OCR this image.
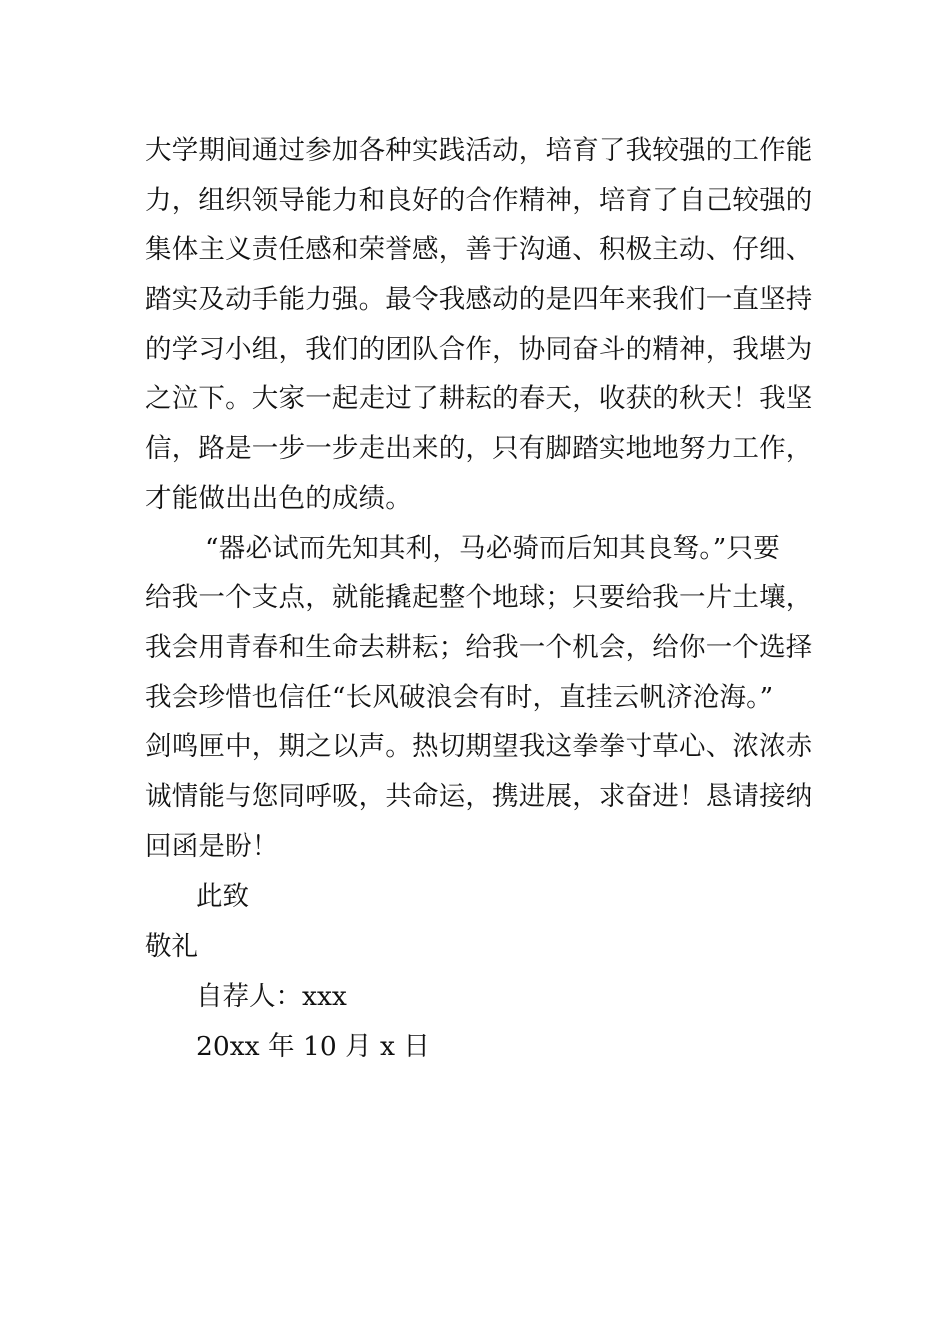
大学期间通过参加各种实践活动，培育了我较强的工作能
力，组织领导能力和良好的合作精神，培育了自己较强的
集体主义责任感和荣誉感，善于沟通、积极主动、仔细、
踏实及动手能力强。最令我感动的是四年来我们一直坚持
的学习小组，我们的团队合作，协同奋斗的精神，我堪为
之泣下。大家一起走过了耕耘的春天，收获的秋天！我坚
信，路是一步一步走出来的，只有脚踏实地地努力工作，
才能做出出色的成绩。
“器必试而先知其利，马必骑而后知其良驽。”只要
给我一个支点，就能撬起整个地球；只要给我一片土壤，
我会用青春和生命去耕耘；给我一个机会，给你一个选择
我会珍惜也信任“长风破浪会有时，直挂云帆济沧海。”
剑鸣匣中，期之以声。热切期望我这拳拳寸草心、浓浓赤
诚情能与您同呼吸，共命运，携进展，求奋进！恳请接纳
回函是盼！
此致
敬礼
自荐人：xxx
20xx 年 10 月 x 日
